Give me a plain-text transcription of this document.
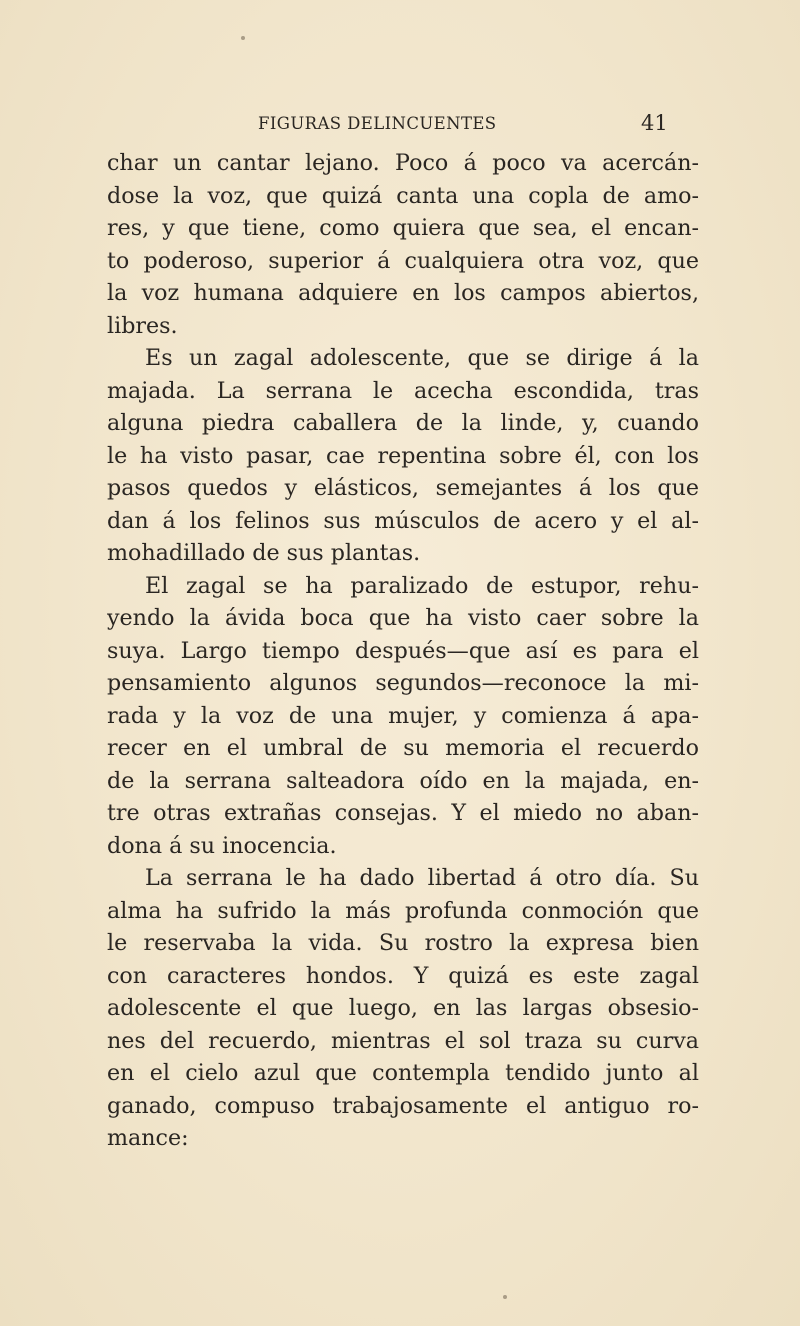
FIGURAS DELINCUENTES	41
char un cantar lejano. Poco á poco va acercán-
dose la voz, que quizá canta una copla de amo-
res, y que tiene, como quiera que sea, el encan-
to poderoso, superior á cualquiera otra voz, que
la voz humana adquiere en los campos abiertos,
libres.
Es un zagal adolescente, que se dirige á la
majada. La serrana le acecha escondida, tras
alguna piedra caballera de la linde, y, cuando
le ha visto pasar, cae repentina sobre él, con los
pasos quedos y elásticos, semejantes á los que
dan á los felinos sus músculos de acero y el al-
mohadillado de sus plantas.
El zagal se ha paralizado de estupor, rehu-
yendo la ávida boca que ha visto caer sobre la
suya. Largo tiempo después—que así es para el
pensamiento algunos segundos—reconoce la mi-
rada y la voz de una mujer, y comienza á apa-
recer en el umbral de su memoria el recuerdo
de la serrana salteadora oído en la majada, en-
tre otras extrañas consejas. Y el miedo no aban-
dona á su inocencia.
La serrana le ha dado libertad á otro día. Su
alma ha sufrido la más profunda conmoción que
le reservaba la vida. Su rostro la expresa bien
con caracteres hondos. Y quizá es este zagal
adolescente el que luego, en las largas obsesio-
nes del recuerdo, mientras el sol traza su curva
en el cielo azul que contempla tendido junto al
ganado, compuso trabajosamente el antiguo ro-
mance:
